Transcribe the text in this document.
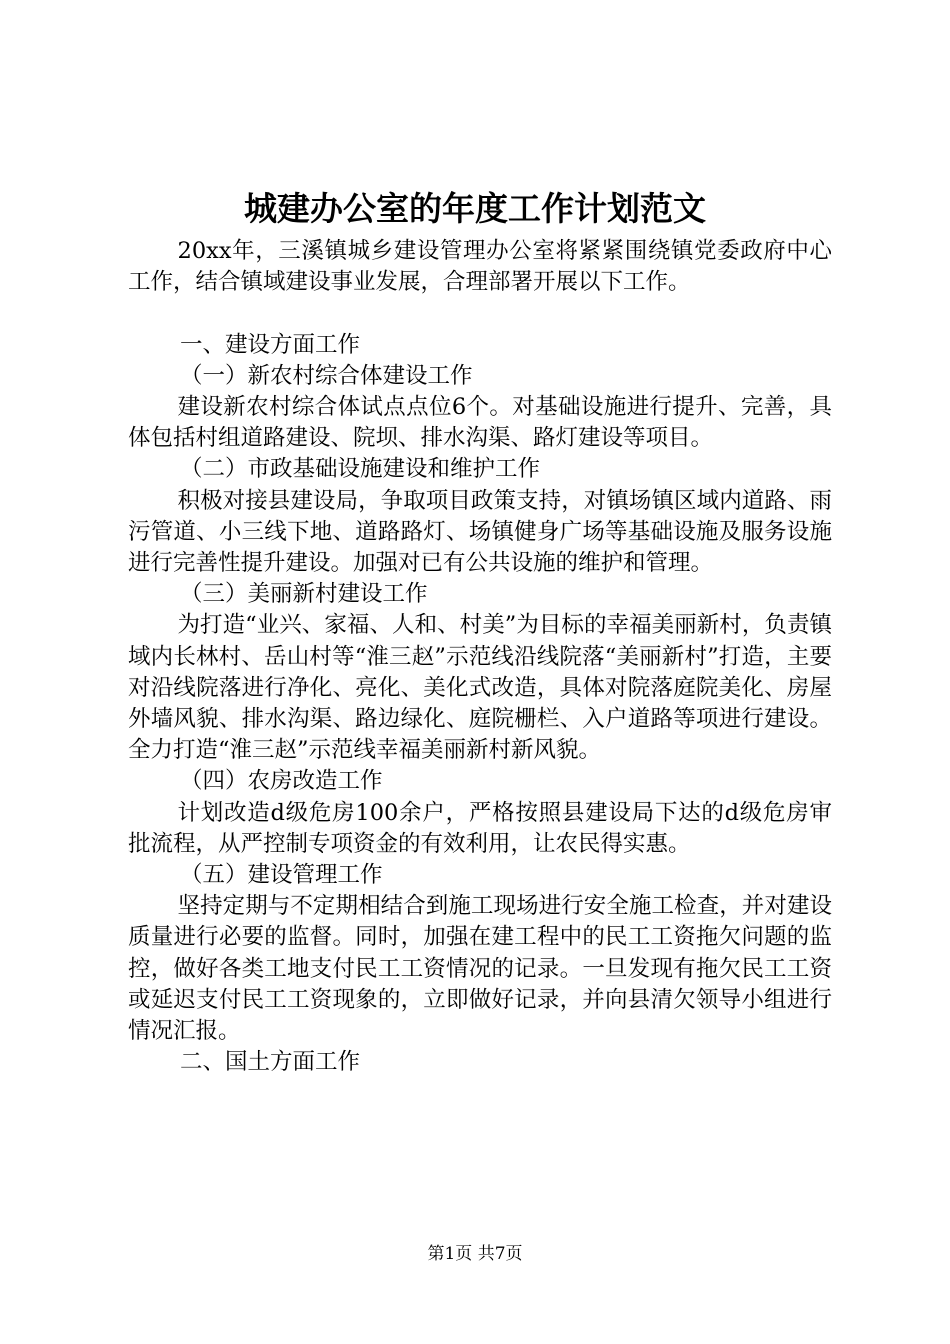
城建办公室的年度工作计划范文

20xx年，三溪镇城乡建设管理办公室将紧紧围绕镇党委政府中心工作，结合镇域建设事业发展，合理部署开展以下工作。

一、建设方面工作

（一）新农村综合体建设工作

建设新农村综合体试点点位6个。对基础设施进行提升、完善，具体包括村组道路建设、院坝、排水沟渠、路灯建设等项目。

（二）市政基础设施建设和维护工作

积极对接县建设局，争取项目政策支持，对镇场镇区域内道路、雨污管道、小三线下地、道路路灯、场镇健身广场等基础设施及服务设施进行完善性提升建设。加强对已有公共设施的维护和管理。

（三）美丽新村建设工作

为打造“业兴、家福、人和、村美”为目标的幸福美丽新村，负责镇域内长林村、岳山村等“淮三赵”示范线沿线院落“美丽新村”打造，主要对沿线院落进行净化、亮化、美化式改造，具体对院落庭院美化、房屋外墙风貌、排水沟渠、路边绿化、庭院栅栏、入户道路等项进行建设。全力打造“淮三赵”示范线幸福美丽新村新风貌。

（四）农房改造工作

计划改造d级危房100余户，严格按照县建设局下达的d级危房审批流程，从严控制专项资金的有效利用，让农民得实惠。

（五）建设管理工作

坚持定期与不定期相结合到施工现场进行安全施工检查，并对建设质量进行必要的监督。同时，加强在建工程中的民工工资拖欠问题的监控，做好各类工地支付民工工资情况的记录。一旦发现有拖欠民工工资或延迟支付民工工资现象的，立即做好记录，并向县清欠领导小组进行情况汇报。

二、国土方面工作

第1页 共7页
